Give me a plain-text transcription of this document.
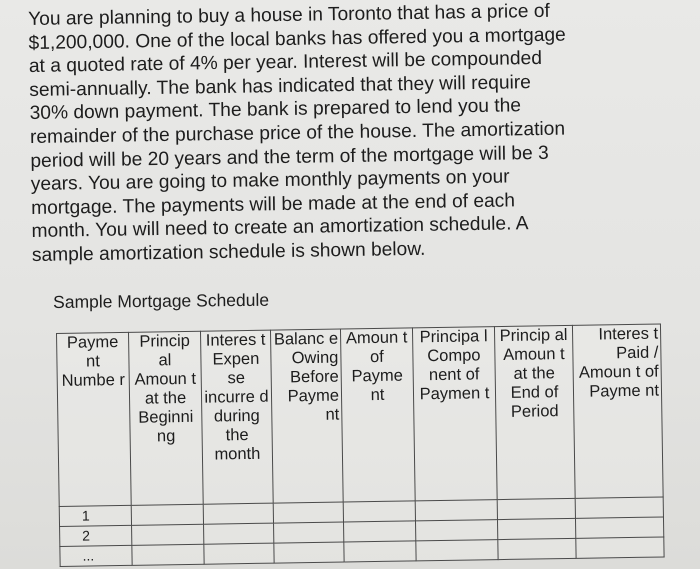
You are planning to buy a house in Toronto that has a price of
$1,200,000. One of the local banks has offered you a mortgage
at a quoted rate of 4% per year. Interest will be compounded
semi-annually. The bank has indicated that they will require
30% down payment. The bank is prepared to lend you the
remainder of the purchase price of the house. The amortization
period will be 20 years and the term of the mortgage will be 3
years. You are going to make monthly payments on your
mortgage. The payments will be made at the end of each
month. You will need to create an amortization schedule. A
sample amortization schedule is shown below.
Sample Mortgage Schedule
Payme nt Numbe r	Princip al Amoun t at the Beginni ng	Interes t Expen se incurre d during the month	Balanc e Owing Before Payme nt	Amoun t of Payme nt	Principa l Compo nent of Paymen t	Princip al Amoun t at the End of Period	Interes t Paid / Amoun t of Payme nt

1							
2							
...							
